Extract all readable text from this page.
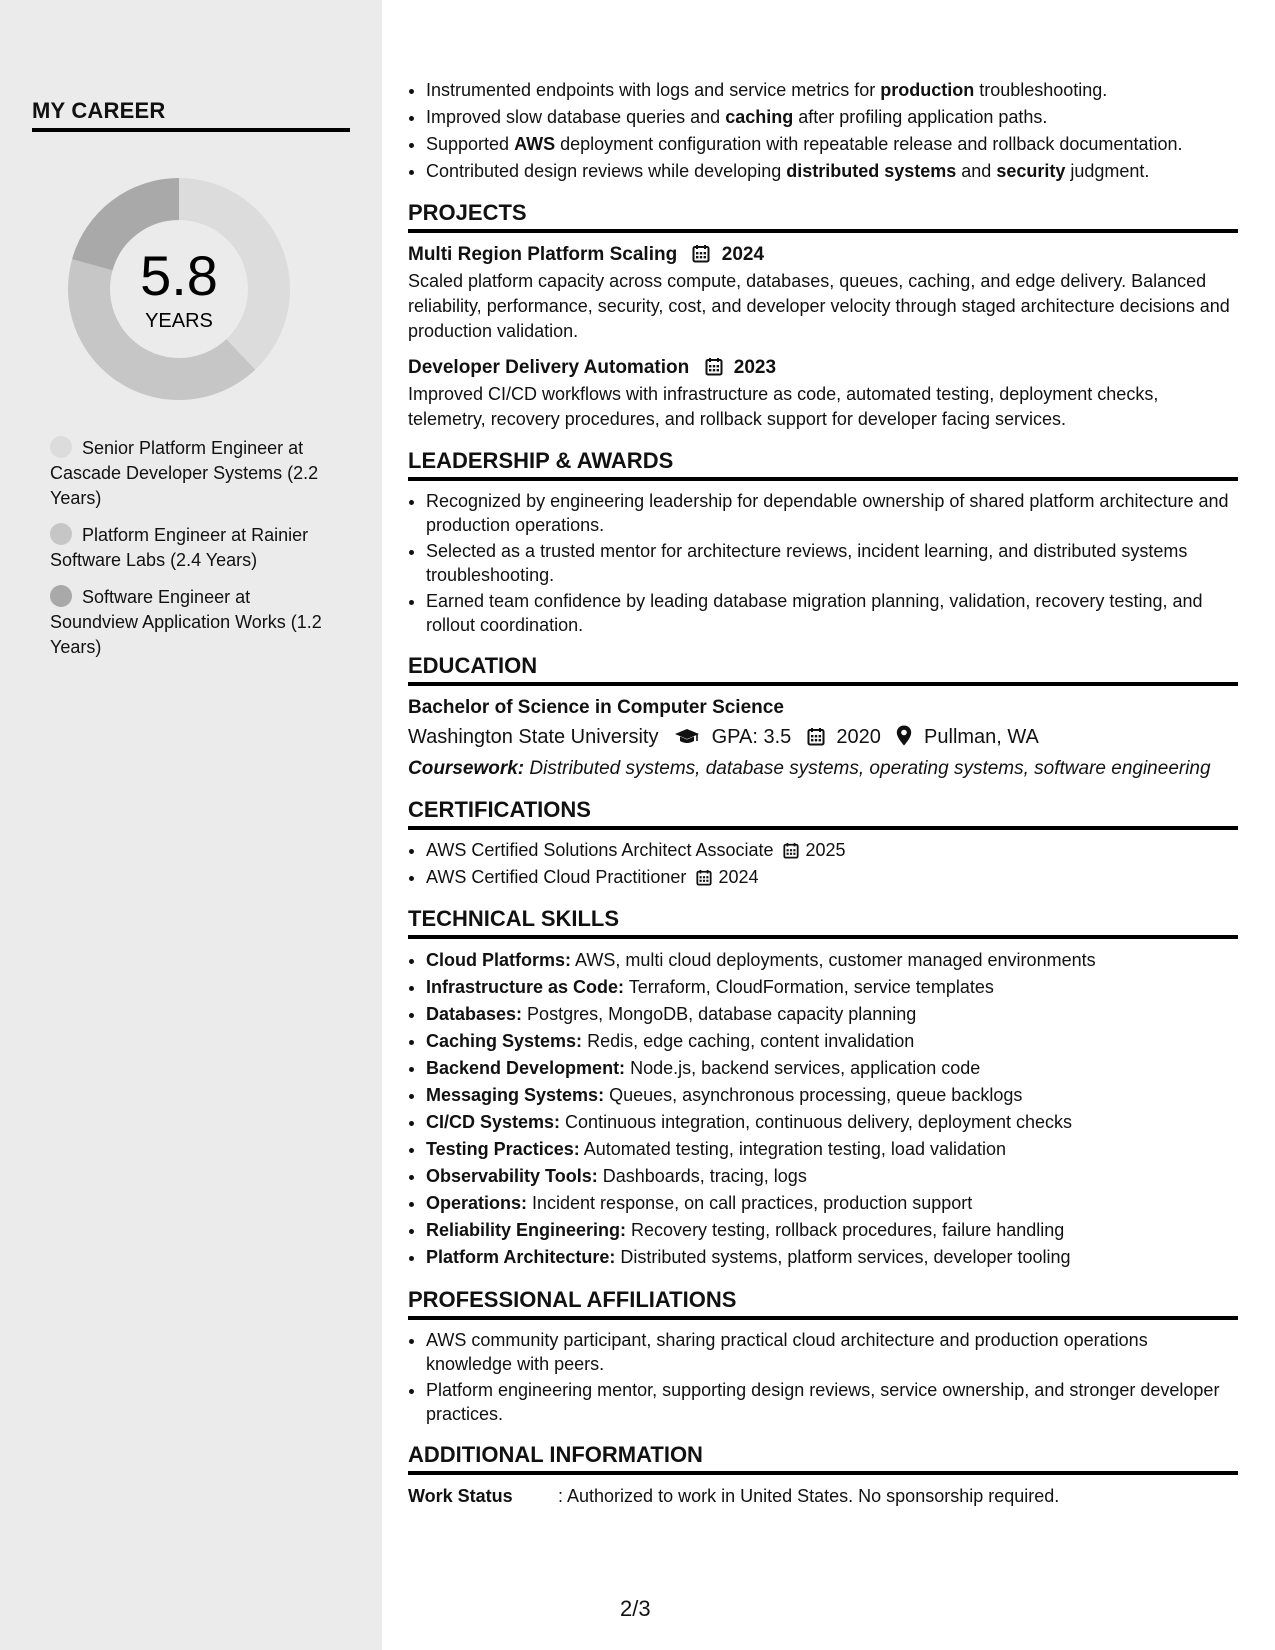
MY CAREER
5.8
YEARS
Senior Platform Engineer at Cascade Developer Systems (2.2 Years)
Platform Engineer at Rainier Software Labs (2.4 Years)
Software Engineer at Soundview Application Works (1.2 Years)
• Instrumented endpoints with logs and service metrics for production troubleshooting.
• Improved slow database queries and caching after profiling application paths.
• Supported AWS deployment configuration with repeatable release and rollback documentation.
• Contributed design reviews while developing distributed systems and security judgment.
PROJECTS
Multi Region Platform Scaling 2024
Scaled platform capacity across compute, databases, queues, caching, and edge delivery. Balanced reliability, performance, security, cost, and developer velocity through staged architecture decisions and production validation.
Developer Delivery Automation 2023
Improved CI/CD workflows with infrastructure as code, automated testing, deployment checks, telemetry, recovery procedures, and rollback support for developer facing services.
LEADERSHIP & AWARDS
• Recognized by engineering leadership for dependable ownership of shared platform architecture and production operations.
• Selected as a trusted mentor for architecture reviews, incident learning, and distributed systems troubleshooting.
• Earned team confidence by leading database migration planning, validation, recovery testing, and rollout coordination.
EDUCATION
Bachelor of Science in Computer Science
Washington State University	GPA: 3.5 2020 Pullman, WA
Coursework: Distributed systems, database systems, operating systems, software engineering
CERTIFICATIONS
• AWS Certified Solutions Architect Associate 2025
• AWS Certified Cloud Practitioner 2024
TECHNICAL SKILLS
• Cloud Platforms: AWS, multi cloud deployments, customer managed environments
• Infrastructure as Code: Terraform, CloudFormation, service templates
• Databases: Postgres, MongoDB, database capacity planning
• Caching Systems: Redis, edge caching, content invalidation
• Backend Development: Node.js, backend services, application code
• Messaging Systems: Queues, asynchronous processing, queue backlogs
• CI/CD Systems: Continuous integration, continuous delivery, deployment checks
• Testing Practices: Automated testing, integration testing, load validation
• Observability Tools: Dashboards, tracing, logs
• Operations: Incident response, on call practices, production support
• Reliability Engineering: Recovery testing, rollback procedures, failure handling
• Platform Architecture: Distributed systems, platform services, developer tooling
PROFESSIONAL AFFILIATIONS
• AWS community participant, sharing practical cloud architecture and production operations knowledge with peers.
• Platform engineering mentor, supporting design reviews, service ownership, and stronger developer practices.
ADDITIONAL INFORMATION
Work Status	: Authorized to work in United States. No sponsorship required.
2/3
